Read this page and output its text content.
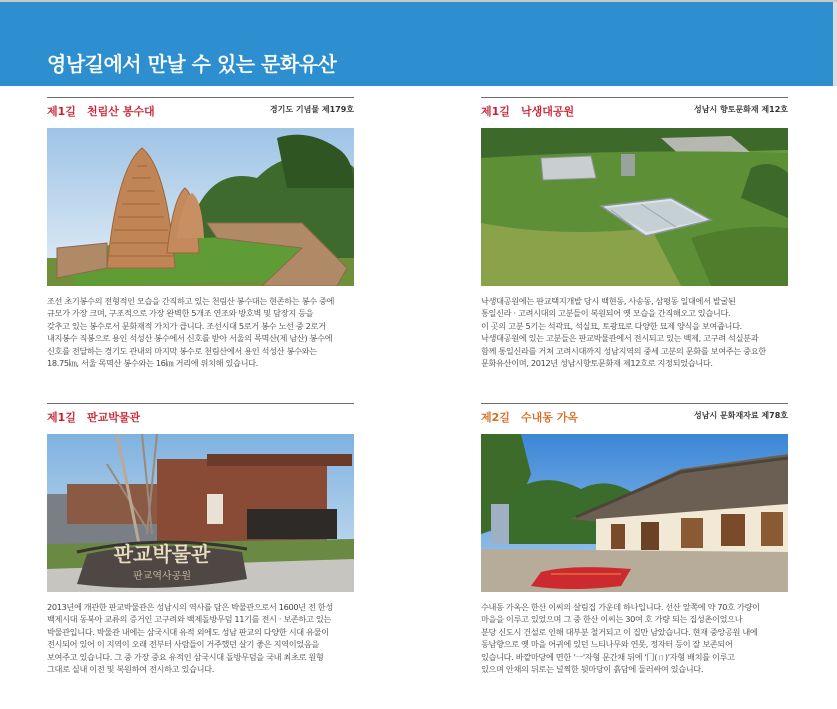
영남길에서 만날 수 있는 문화유산
제1길 천림산 봉수대	경기도 기념물 제179호
조선 초기봉수의 전형적인 모습을 간직하고 있는 천림산 봉수대는 현존하는 봉수 중에
규모가 가장 크며, 구조적으로 가장 완벽한 5개조 연조와 방호벽 및 담장지 등을
갖추고 있는 봉수로서 문화재적 가치가 큽니다. 조선시대 5로거 봉수 노선 중 2로거
내지봉수 직봉으로 용인 석성산 봉수에서 신호를 받아 서울의 목멱산(제 남산) 봉수에
신호를 전달하는 경기도 관내의 마지막 봉수로 천림산에서 용인 석성산 봉수와는
18.75㎞, 서울 목멱산 봉수와는 16㎞ 거리에 위치해 있습니다.
제1길 낙생대공원	성남시 향토문화재 제12호
낙생대공원에는 판교택지개발 당시 백현동, 사송동, 삼평동 일대에서 발굴된
통일신라 · 고려시대의 고분들이 복원되어 옛 모습을 간직해오고 있습니다.
이 곳의 고분 5기는 석곽묘, 석실묘, 토광묘로 다양한 묘제 양식을 보여줍니다.
낙생대공원에 있는 고분들은 판교박물관에서 전시되고 있는 백제, 고구려 석실분과
함께 통일신라를 거쳐 고려시대까지 성남지역의 중세 고분의 문화를 보여주는 중요한
문화유산이며, 2012년 성남시향토문화재 제12호로 지정되었습니다.
제1길 판교박물관
판교박물관
판교역사공원
2013년에 개관한 판교박물관은 성남시의 역사를 담은 박물관으로서 1600년 전 한성
백제시대 동북아 교류의 증거인 고구려와 백제돌방무덤 11기를 전시 · 보존하고 있는
박물관입니다. 박물관 내에는 삼국시대 유적 외에도 성남 판교의 다양한 시대 유물이
전시되어 있어 이 지역이 오래 전부터 사람들이 거주했던 살기 좋은 지역이었음을
보여주고 있습니다. 그 중 가장 중요 유적인 삼국시대 돌방무덤을 국내 최초로 원형
그대로 실내 이전 및 복원하여 전시하고 있습니다.
제2길 수내동 가옥	성남시 문화재자료 제78호
수내동 가옥은 한산 이씨의 살림집 가운데 하나입니다. 선산 앞쪽에 약 70호 가량이
마을을 이루고 있었으며 그 중 한산 이씨는 30여 호 가량 되는 집성촌이었으나
분당 신도시 건설로 인해 대부분 철거되고 이 집만 남았습니다. 현재 중앙공원 내에
동남향으로 옛 마을 어귀에 있던 느티나무와 연못, 정자터 등이 잘 보존되어
있습니다. 바깥마당에 면한 '一'자형 문간채 뒤에 '冂(ㄇ)'자형 배치를 이루고
있으며 안채의 뒤로는 널찍한 뒷마당이 흙담에 둘러싸여 있습니다.
